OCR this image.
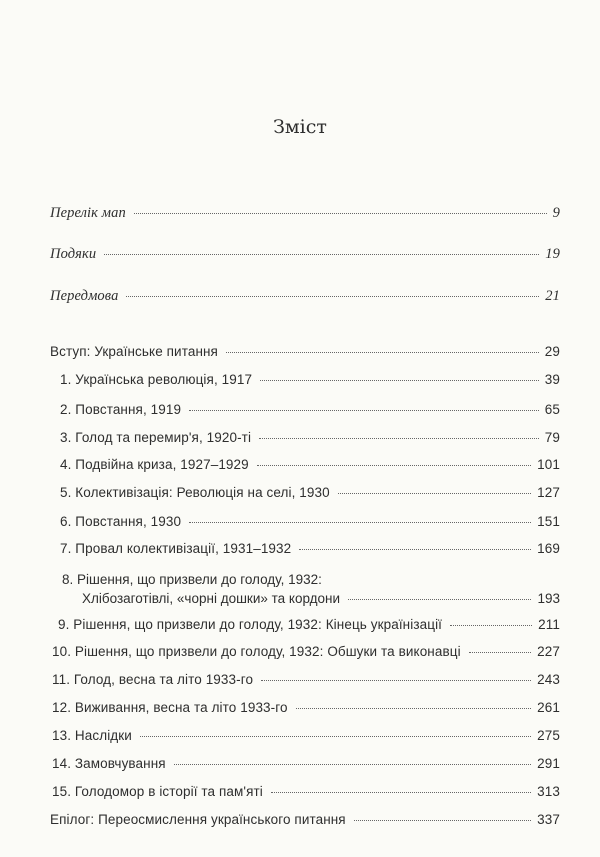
Зміст
Перелік мап	9
Подяки	19
Передмова	21
Вступ: Українське питання	29
1. Українська революція, 1917	39
2. Повстання, 1919	65
3. Голод та перемир'я, 1920-ті	79
4. Подвійна криза, 1927–1929	101
5. Колективізація: Революція на селі, 1930	127
6. Повстання, 1930	151
7. Провал колективізації, 1931–1932	169
8. Рішення, що призвели до голоду, 1932:
Хлібозаготівлі, «чорні дошки» та кордони	193
9. Рішення, що призвели до голоду, 1932: Кінець українізації	211
10. Рішення, що призвели до голоду, 1932: Обшуки та виконавці	227
11. Голод, весна та літо 1933-го	243
12. Виживання, весна та літо 1933-го	261
13. Наслідки	275
14. Замовчування	291
15. Голодомор в історії та пам'яті	313
Епілог: Переосмислення українського питання	337
